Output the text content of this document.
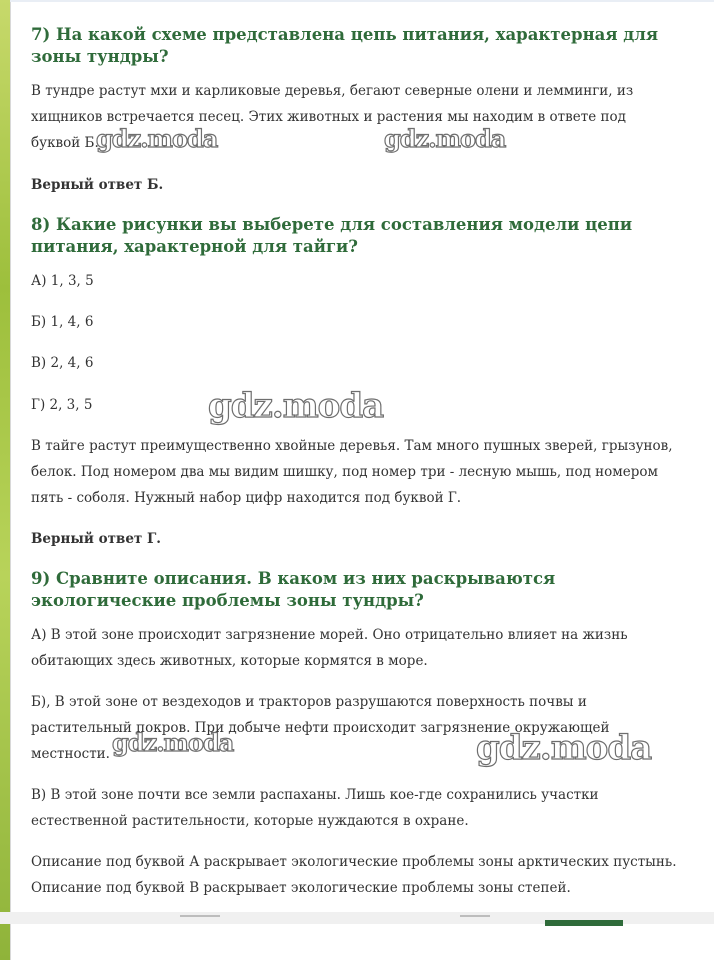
7) На какой схеме представлена цепь питания, характерная для зоны тундры?

В тундре растут мхи и карликовые деревья, бегают северные олени и лемминги, из

хищников встречается песец. Этих животных и растения мы находим в ответе под

буквой Б.

Верный ответ Б.

8) Какие рисунки вы выберете для составления модели цепи питания, характерной для тайги?

А) 1, 3, 5

Б) 1, 4, 6

В) 2, 4, 6

Г) 2, 3, 5

В тайге растут преимущественно хвойные деревья. Там много пушных зверей, грызунов,

белок. Под номером два мы видим шишку, под номер три - лесную мышь, под номером

пять - соболя. Нужный набор цифр находится под буквой Г.

Верный ответ Г.

9) Сравните описания. В каком из них раскрываются экологические проблемы зоны тундры?

А) В этой зоне происходит загрязнение морей. Оно отрицательно влияет на жизнь

обитающих здесь животных, которые кормятся в море.

Б), В этой зоне от вездеходов и тракторов разрушаются поверхность почвы и

растительный покров. При добыче нефти происходит загрязнение окружающей

местности.

В) В этой зоне почти все земли распаханы. Лишь кое-где сохранились участки

естественной растительности, которые нуждаются в охране.

Описание под буквой А раскрывает экологические проблемы зоны арктических пустынь.

Описание под буквой В раскрывает экологические проблемы зоны степей.

gdz.moda	gdz.moda
gdz.moda
gdz.moda	gdz.moda
